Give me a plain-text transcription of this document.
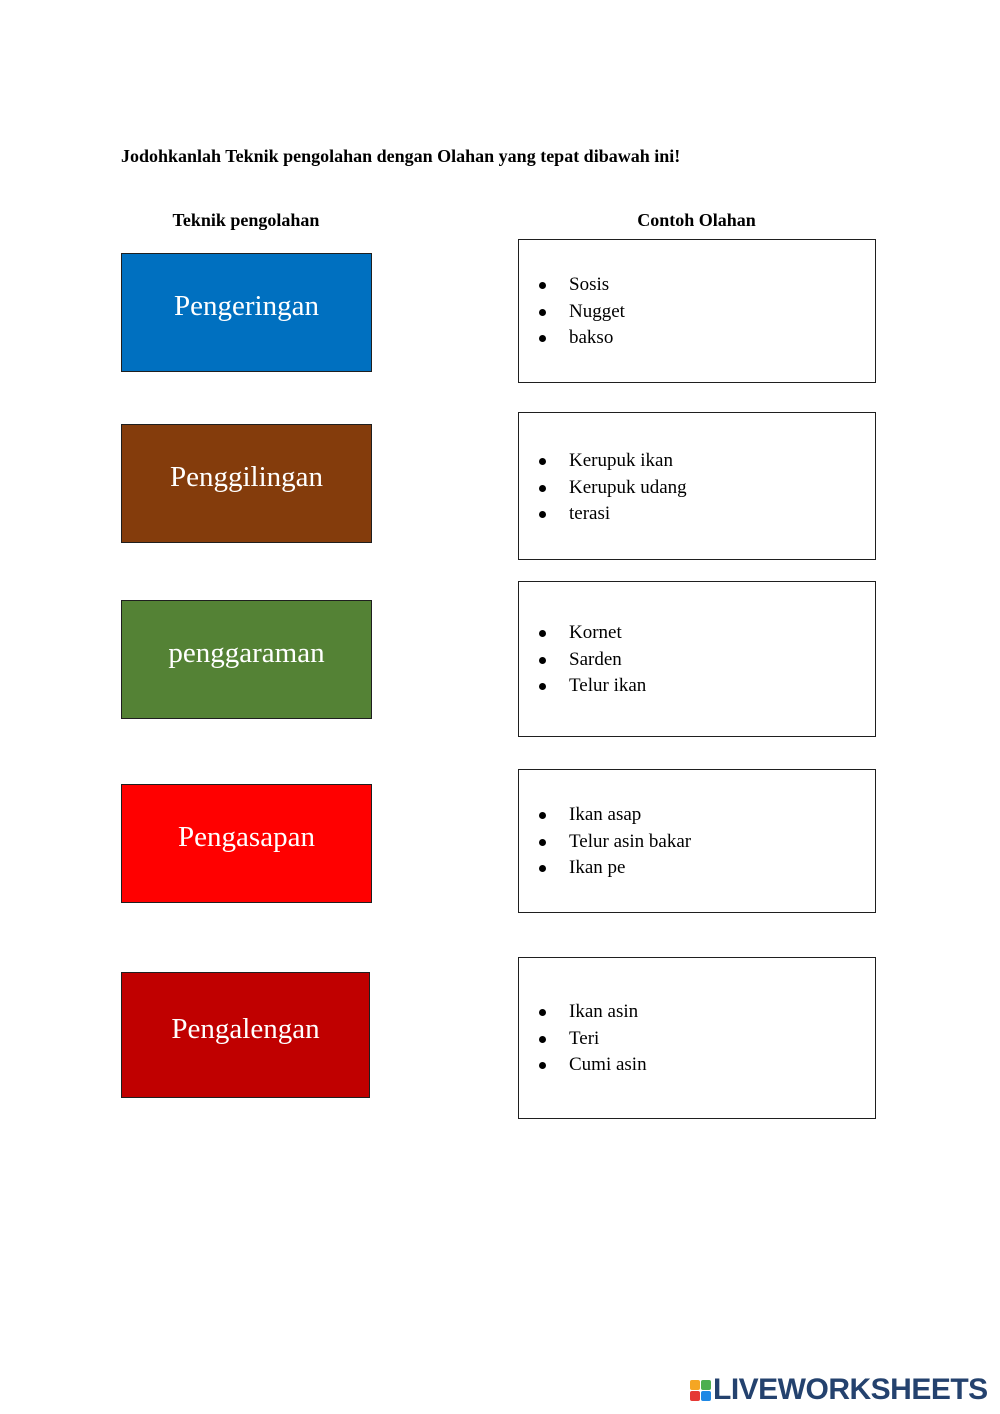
Jodohkanlah Teknik pengolahan dengan Olahan yang tepat dibawah ini!
Teknik pengolahan	Contoh Olahan
Pengeringan
Penggilingan
penggaraman
Pengasapan
Pengalengan
Sosis
Nugget
bakso
Kerupuk ikan
Kerupuk udang
terasi
Kornet
Sarden
Telur ikan
Ikan asap
Telur asin bakar
Ikan pe
Ikan asin
Teri
Cumi asin
LIVEWORKSHEETS
